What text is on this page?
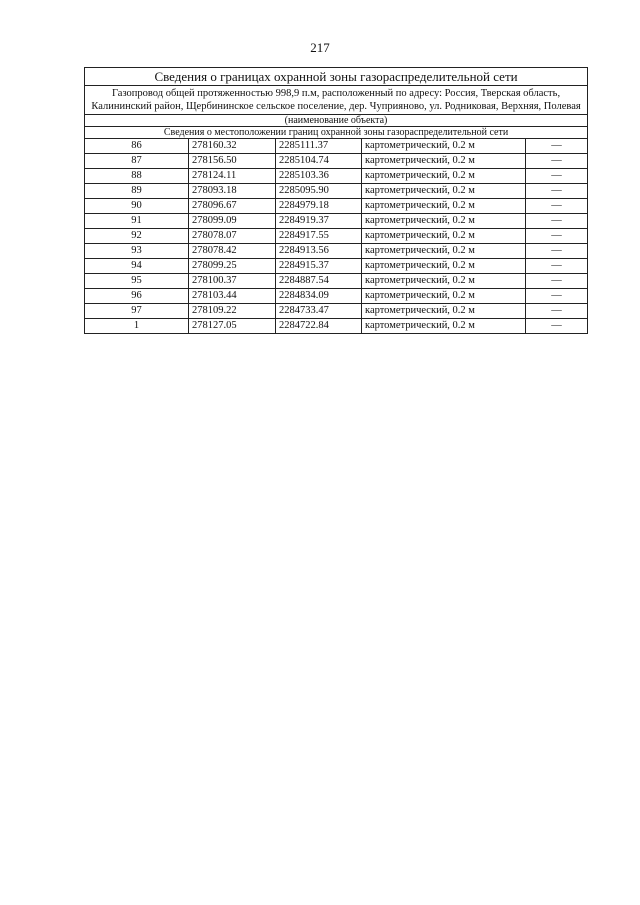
217
Сведения о границах охранной зоны газораспределительной сети				
Газопровод общей протяженностью 998,9 п.м, расположенный по адресу: Россия, Тверская область, Калининский район, Щербининское сельское поселение, дер. Чуприяново, ул. Родниковая, Верхняя, Полевая				
(наименование объекта)				
Сведения о местоположении границ охранной зоны газораспределительной сети				
86	278160.32	2285111.37	картометрический, 0.2 м	—
87	278156.50	2285104.74	картометрический, 0.2 м	—
88	278124.11	2285103.36	картометрический, 0.2 м	—
89	278093.18	2285095.90	картометрический, 0.2 м	—
90	278096.67	2284979.18	картометрический, 0.2 м	—
91	278099.09	2284919.37	картометрический, 0.2 м	—
92	278078.07	2284917.55	картометрический, 0.2 м	—
93	278078.42	2284913.56	картометрический, 0.2 м	—
94	278099.25	2284915.37	картометрический, 0.2 м	—
95	278100.37	2284887.54	картометрический, 0.2 м	—
96	278103.44	2284834.09	картометрический, 0.2 м	—
97	278109.22	2284733.47	картометрический, 0.2 м	—
1	278127.05	2284722.84	картометрический, 0.2 м	—
